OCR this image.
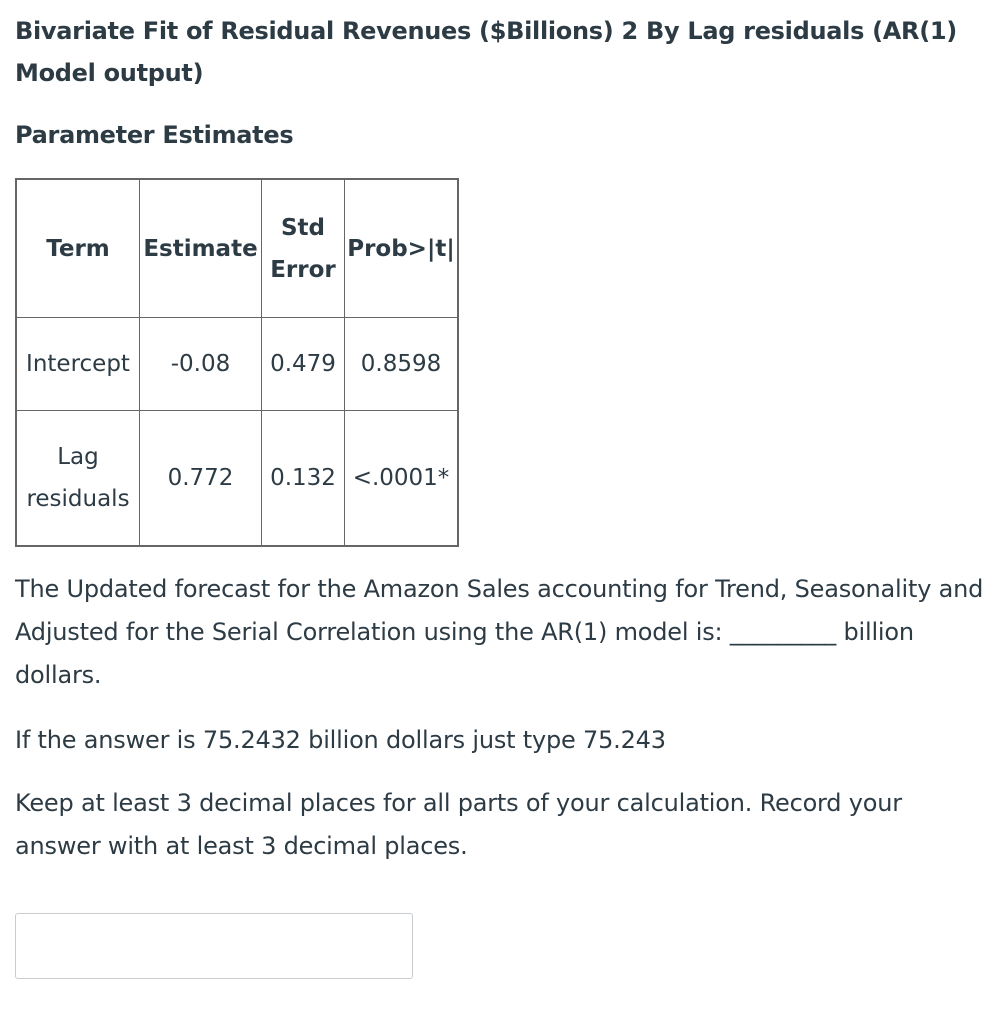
Bivariate Fit of Residual Revenues ($Billions) 2 By Lag residuals (AR(1) Model output)
Parameter Estimates
Term	Estimate	Std Error	Prob>|t|
Intercept	-0.08	0.479	0.8598
Lag residuals	0.772	0.132	<.0001*

The Updated forecast for the Amazon Sales accounting for Trend, Seasonality and Adjusted for the Serial Correlation using the AR(1) model is: _________ billion dollars.

If the answer is 75.2432 billion dollars just type 75.243

Keep at least 3 decimal places for all parts of your calculation. Record your answer with at least 3 decimal places.
